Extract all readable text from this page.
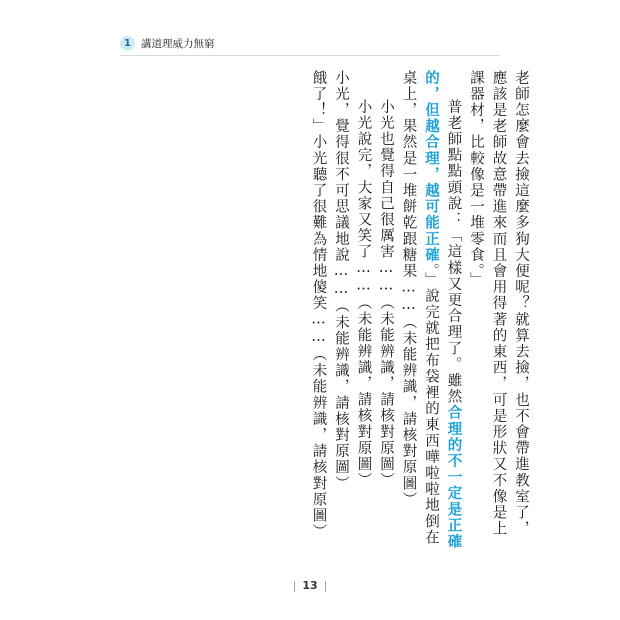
1 講道理威力無窮

老師怎麼會去撿這麼多狗大便呢？就算去撿，也不會帶進教室了，應該是老師故意帶進來而且會用得著的東西，可是形狀又不像是上課器材，比較像是一堆零食。」

普老師點點頭說：「這樣又更合理了。雖然合理的不一定是正確的，但越合理，越可能正確。」說完就把布袋裡的東西嘩啦啦地倒在桌上，果然是一堆餅乾跟糖果……（未能辨識，請核對原圖）

小光也覺得自己很厲害……（未能辨識，請核對原圖）

小光說完，大家又笑了……（未能辨識，請核對原圖）

小光，覺得很不可思議地說……（未能辨識，請核對原圖）

餓了！」小光聽了很難為情地傻笑……（未能辨識，請核對原圖）

| 13 |
